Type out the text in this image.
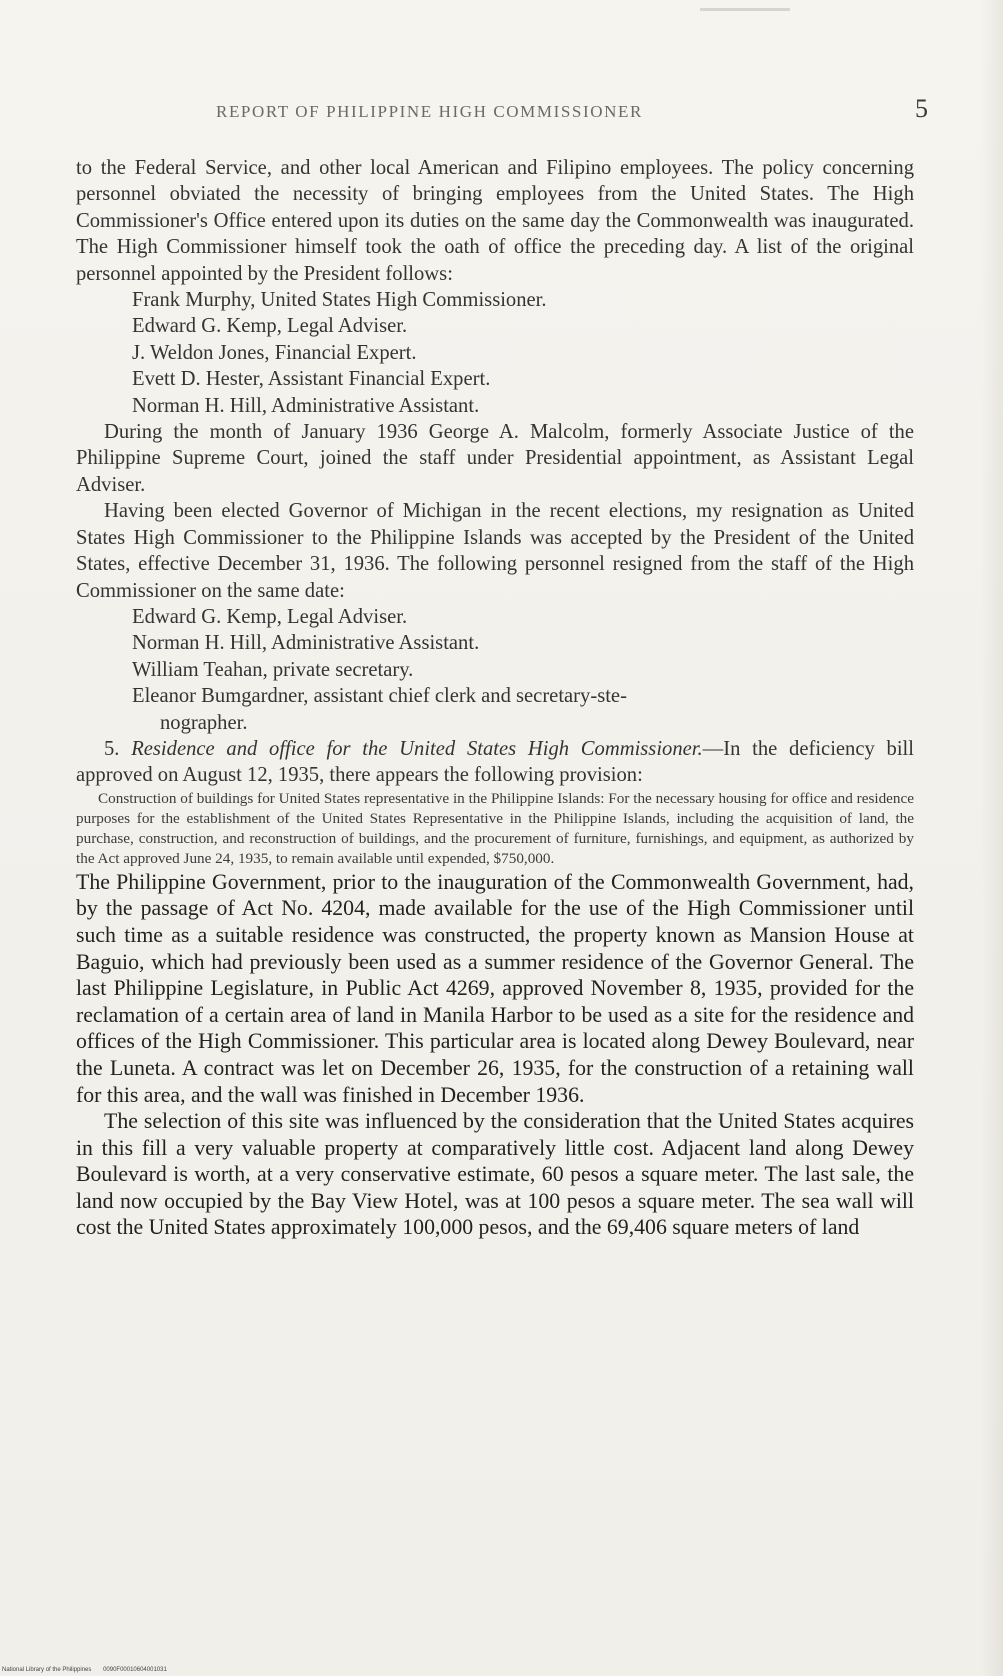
REPORT OF PHILIPPINE HIGH COMMISSIONER	5

to the Federal Service, and other local American and Filipino employees. The policy concerning personnel obviated the necessity of bringing employees from the United States. The High Commissioner's Office entered upon its duties on the same day the Commonwealth was inaugurated. The High Commissioner himself took the oath of office the preceding day. A list of the original personnel appointed by the President follows:

Frank Murphy, United States High Commissioner.

Edward G. Kemp, Legal Adviser.

J. Weldon Jones, Financial Expert.

Evett D. Hester, Assistant Financial Expert.

Norman H. Hill, Administrative Assistant.

During the month of January 1936 George A. Malcolm, formerly Associate Justice of the Philippine Supreme Court, joined the staff under Presidential appointment, as Assistant Legal Adviser.

Having been elected Governor of Michigan in the recent elections, my resignation as United States High Commissioner to the Philippine Islands was accepted by the President of the United States, effective December 31, 1936. The following personnel resigned from the staff of the High Commissioner on the same date:

Edward G. Kemp, Legal Adviser.

Norman H. Hill, Administrative Assistant.

William Teahan, private secretary.

Eleanor Bumgardner, assistant chief clerk and secretary-ste-
nographer.

5. Residence and office for the United States High Commissioner.—In the deficiency bill approved on August 12, 1935, there appears the following provision:

Construction of buildings for United States representative in the Philippine Islands: For the necessary housing for office and residence purposes for the establishment of the United States Representative in the Philippine Islands, including the acquisition of land, the purchase, construction, and reconstruction of buildings, and the procurement of furniture, furnishings, and equipment, as authorized by the Act approved June 24, 1935, to remain available until expended, $750,000.

The Philippine Government, prior to the inauguration of the Commonwealth Government, had, by the passage of Act No. 4204, made available for the use of the High Commissioner until such time as a suitable residence was constructed, the property known as Mansion House at Baguio, which had previously been used as a summer residence of the Governor General. The last Philippine Legislature, in Public Act 4269, approved November 8, 1935, provided for the reclamation of a certain area of land in Manila Harbor to be used as a site for the residence and offices of the High Commissioner. This particular area is located along Dewey Boulevard, near the Luneta. A contract was let on December 26, 1935, for the construction of a retaining wall for this area, and the wall was finished in December 1936.

The selection of this site was influenced by the consideration that the United States acquires in this fill a very valuable property at comparatively little cost. Adjacent land along Dewey Boulevard is worth, at a very conservative estimate, 60 pesos a square meter. The last sale, the land now occupied by the Bay View Hotel, was at 100 pesos a square meter. The sea wall will cost the United States approximately 100,000 pesos, and the 69,406 square meters of land

National Library of the Philippines 0090F00010604001031
